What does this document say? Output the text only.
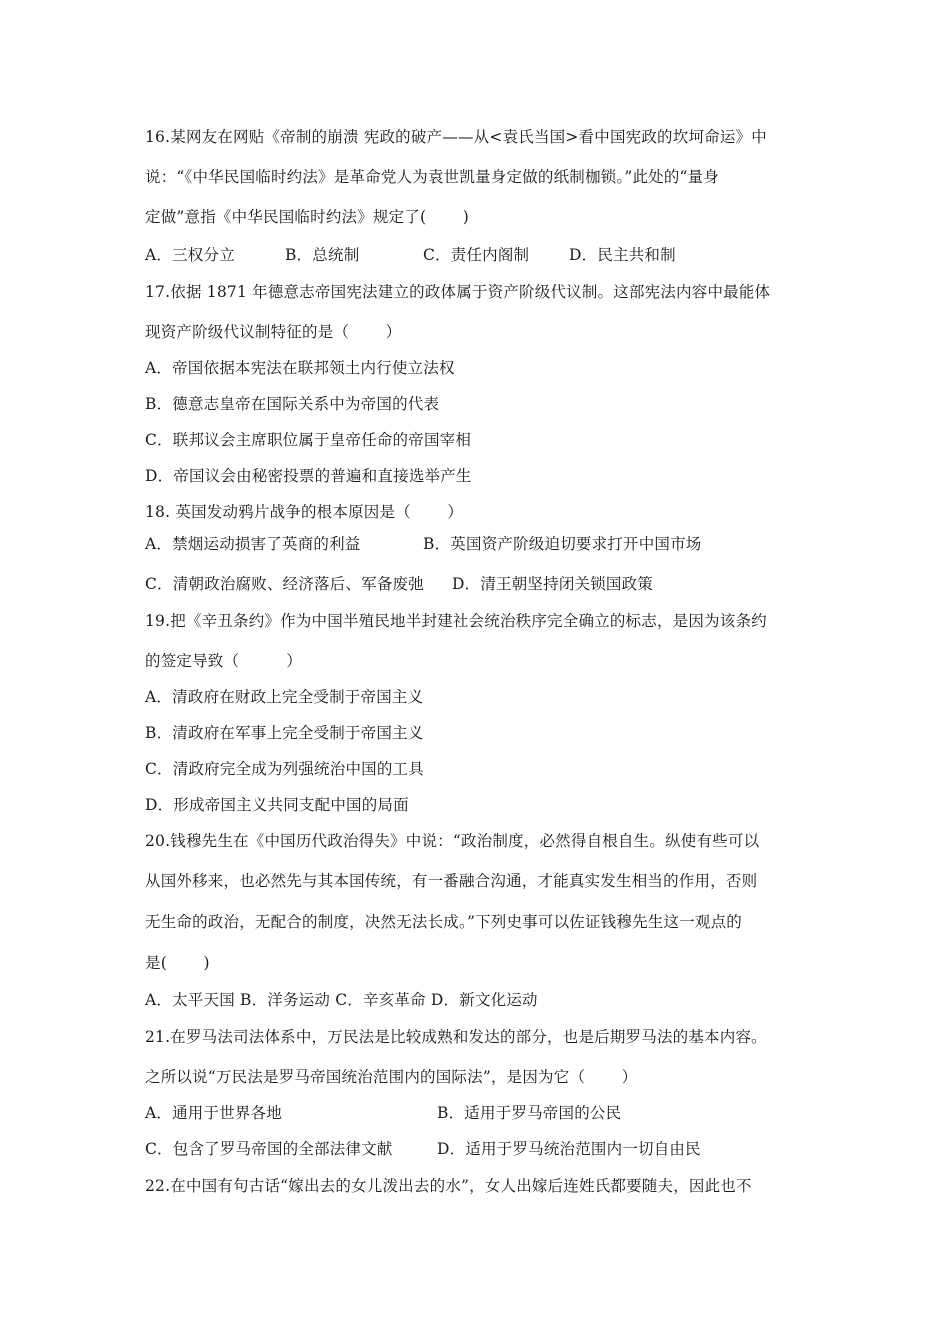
16.某网友在网贴《帝制的崩溃 宪政的破产——从<袁氏当国>看中国宪政的坎坷命运》中

说：“《中华民国临时约法》是革命党人为袁世凯量身定做的纸制枷锁。”此处的“量身

定做”意指《中华民国临时约法》规定了(　　 )

A．三权分立	B．总统制	C．责任内阁制	D．民主共和制

17.依据 1871 年德意志帝国宪法建立的政体属于资产阶级代议制。这部宪法内容中最能体

现资产阶级代议制特征的是（　　 ）

A．帝国依据本宪法在联邦领土内行使立法权

B．德意志皇帝在国际关系中为帝国的代表

C．联邦议会主席职位属于皇帝任命的帝国宰相

D．帝国议会由秘密投票的普遍和直接选举产生

18. 英国发动鸦片战争的根本原因是（　　 ）

A．禁烟运动损害了英商的利益	B．英国资产阶级迫切要求打开中国市场
C．清朝政治腐败、经济落后、军备废弛 D．清王朝坚持闭关锁国政策

19.把《辛丑条约》作为中国半殖民地半封建社会统治秩序完全确立的标志，是因为该条约

的签定导致（　　　）

A．清政府在财政上完全受制于帝国主义

B．清政府在军事上完全受制于帝国主义

C．清政府完全成为列强统治中国的工具

D．形成帝国主义共同支配中国的局面

20.钱穆先生在《中国历代政治得失》中说：“政治制度，必然得自根自生。纵使有些可以

从国外移来，也必然先与其本国传统，有一番融合沟通，才能真实发生相当的作用，否则

无生命的政治，无配合的制度，决然无法长成。”下列史事可以佐证钱穆先生这一观点的

是(　　 )

A．太平天国 B．洋务运动 C．辛亥革命 D．新文化运动

21.在罗马法司法体系中，万民法是比较成熟和发达的部分，也是后期罗马法的基本内容。

之所以说“万民法是罗马帝国统治范围内的国际法”，是因为它（　　 ）

A．通用于世界各地	B．适用于罗马帝国的公民
C．包含了罗马帝国的全部法律文献	D．适用于罗马统治范围内一切自由民

22.在中国有句古话“嫁出去的女儿泼出去的水”，女人出嫁后连姓氏都要随夫，因此也不
